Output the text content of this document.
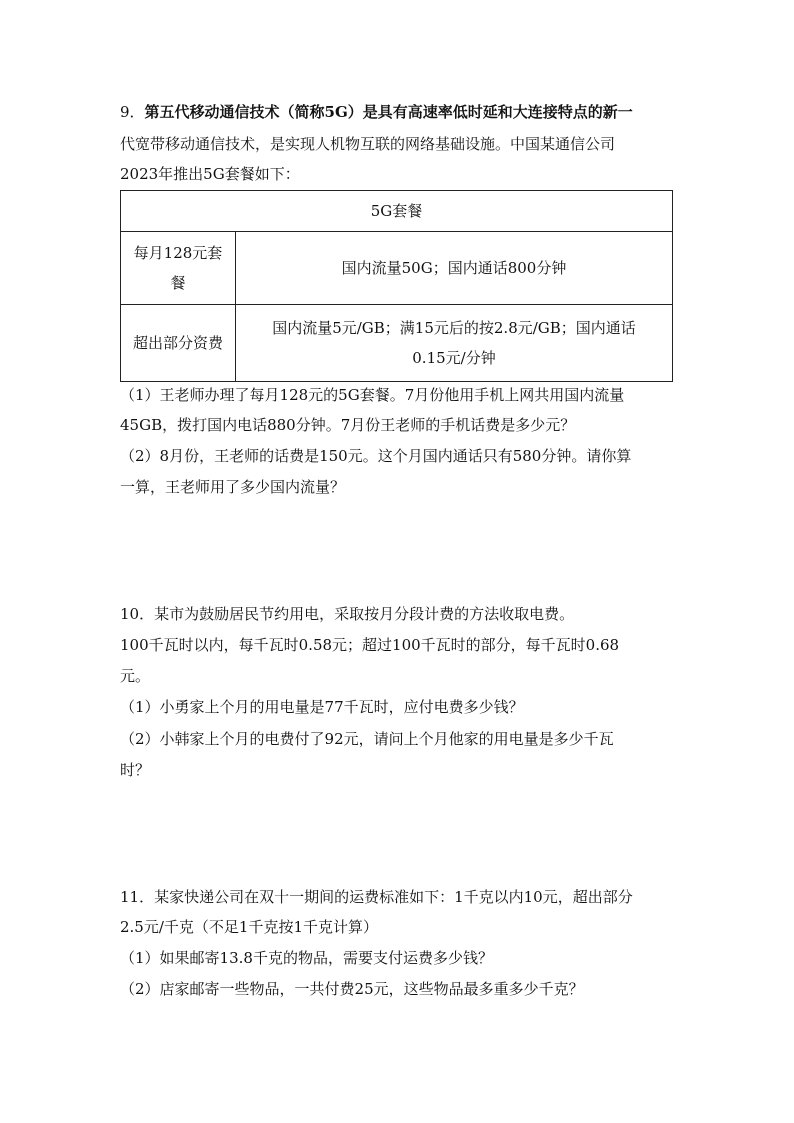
9．第五代移动通信技术（简称5G）是具有高速率低时延和大连接特点的新一
代宽带移动通信技术，是实现人机物互联的网络基础设施。中国某通信公司
2023年推出5G套餐如下：
5G套餐	

每月128元套
餐	国内流量50G；国内通话800分钟
超出部分资费	国内流量5元/GB；满15元后的按2.8元/GB；国内通话
0.15元/分钟
（1）王老师办理了每月128元的5G套餐。7月份他用手机上网共用国内流量
45GB，拨打国内电话880分钟。7月份王老师的手机话费是多少元？
（2）8月份，王老师的话费是150元。这个月国内通话只有580分钟。请你算
一算，王老师用了多少国内流量？
10．某市为鼓励居民节约用电，采取按月分段计费的方法收取电费。
100千瓦时以内，每千瓦时0.58元；超过100千瓦时的部分，每千瓦时0.68
元。
（1）小勇家上个月的用电量是77千瓦时，应付电费多少钱？
（2）小韩家上个月的电费付了92元，请问上个月他家的用电量是多少千瓦
时？
11．某家快递公司在双十一期间的运费标准如下：1千克以内10元，超出部分
2.5元/千克（不足1千克按1千克计算）
（1）如果邮寄13.8千克的物品，需要支付运费多少钱？
（2）店家邮寄一些物品，一共付费25元，这些物品最多重多少千克？
